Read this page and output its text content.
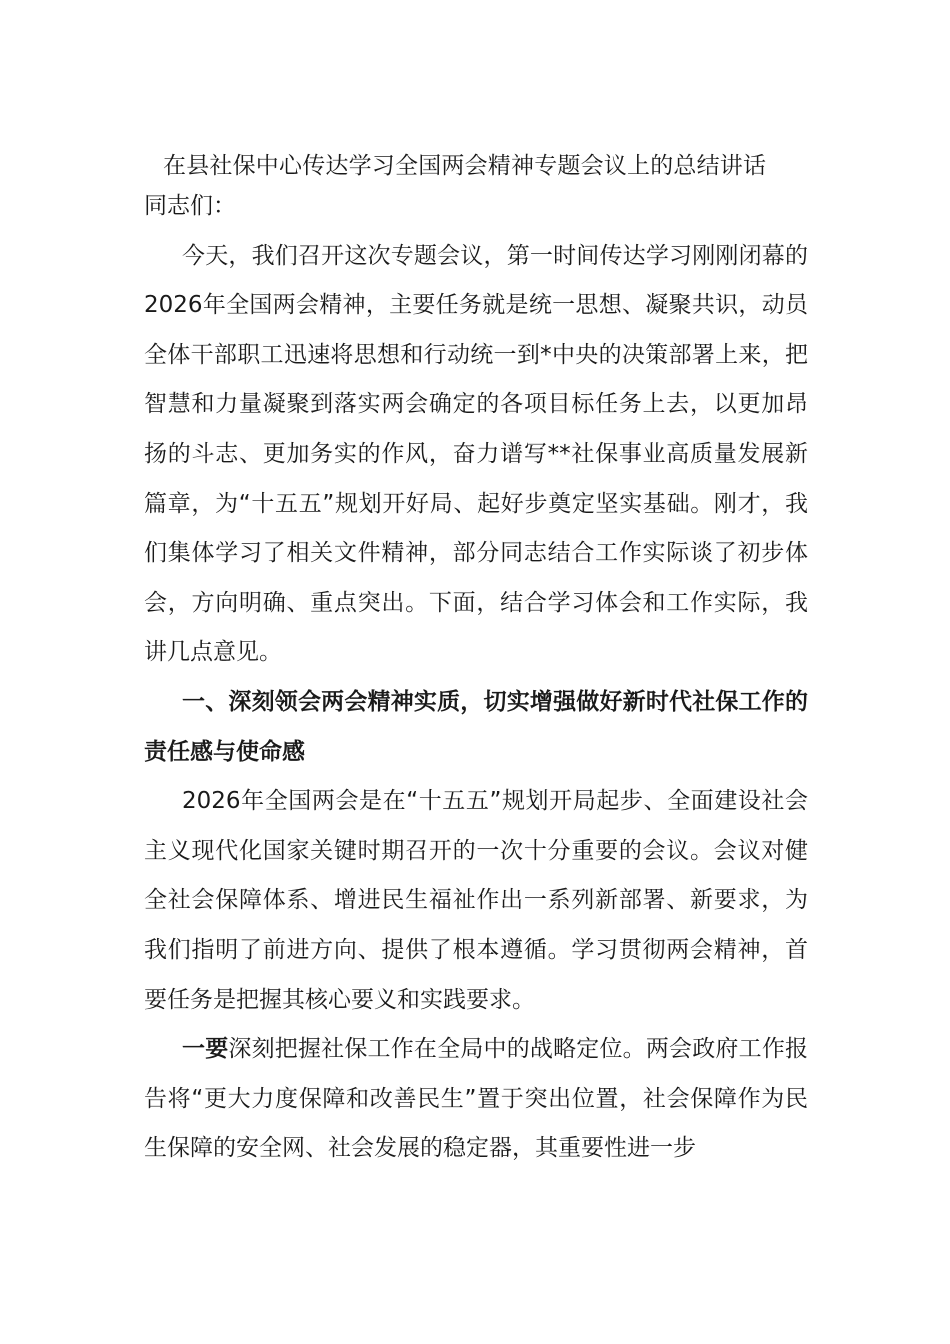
在县社保中心传达学习全国两会精神专题会议上的总结讲话

同志们：

今天，我们召开这次专题会议，第一时间传达学习刚刚闭幕的2026年全国两会精神，主要任务就是统一思想、凝聚共识，动员全体干部职工迅速将思想和行动统一到*中央的决策部署上来，把智慧和力量凝聚到落实两会确定的各项目标任务上去，以更加昂扬的斗志、更加务实的作风，奋力谱写**社保事业高质量发展新篇章，为“十五五”规划开好局、起好步奠定坚实基础。刚才，我们集体学习了相关文件精神，部分同志结合工作实际谈了初步体会，方向明确、重点突出。下面，结合学习体会和工作实际，我讲几点意见。

一、深刻领会两会精神实质，切实增强做好新时代社保工作的责任感与使命感

2026年全国两会是在“十五五”规划开局起步、全面建设社会主义现代化国家关键时期召开的一次十分重要的会议。会议对健全社会保障体系、增进民生福祉作出一系列新部署、新要求，为我们指明了前进方向、提供了根本遵循。学习贯彻两会精神，首要任务是把握其核心要义和实践要求。

一要深刻把握社保工作在全局中的战略定位。两会政府工作报告将“更大力度保障和改善民生”置于突出位置，社会保障作为民生保障的安全网、社会发展的稳定器，其重要性进一步
